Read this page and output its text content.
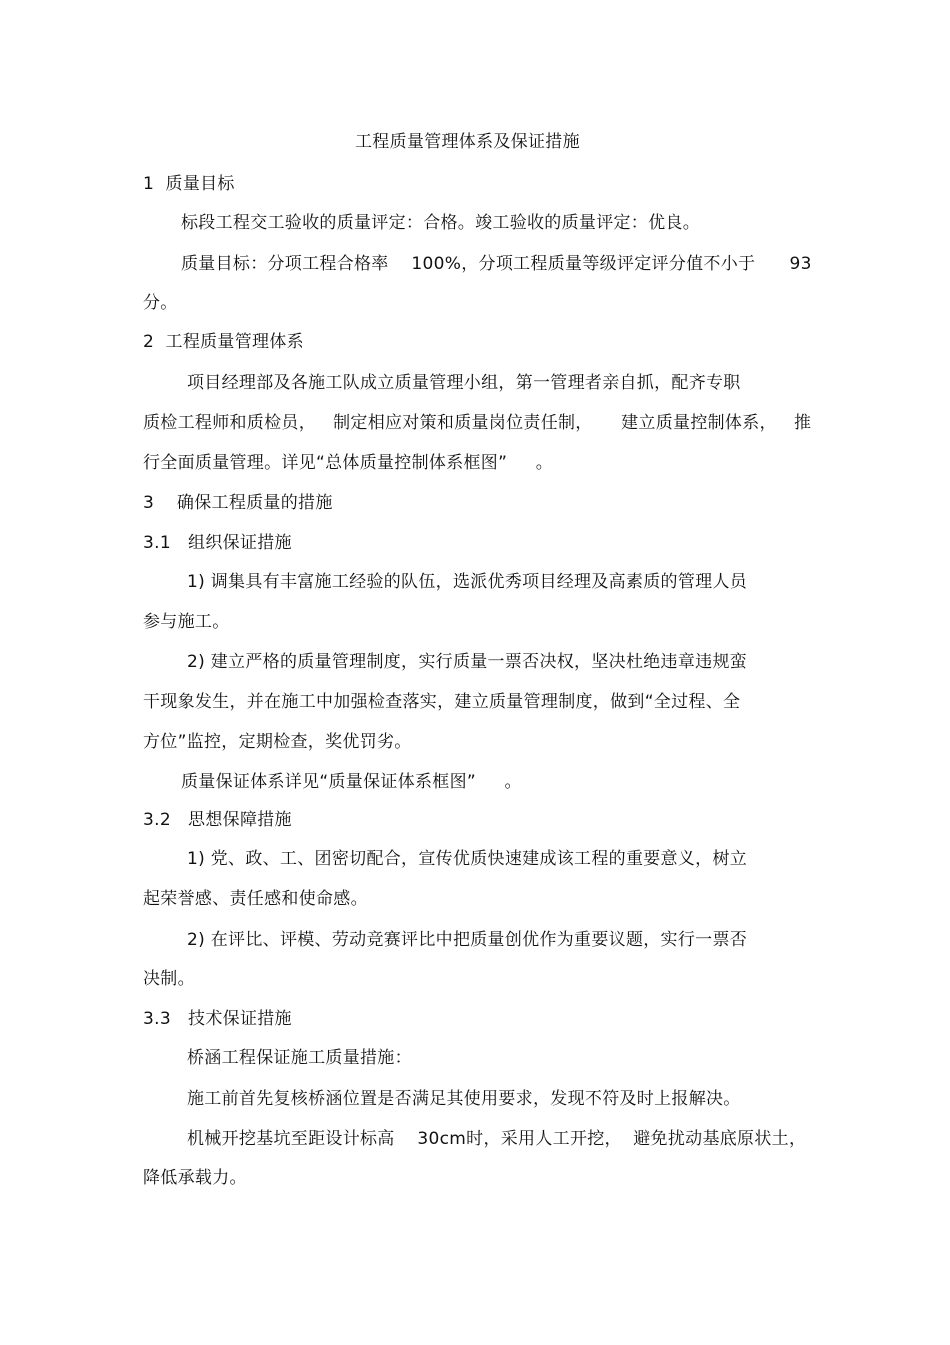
工程质量管理体系及保证措施
1  质量目标
标段工程交工验收的质量评定：合格。竣工验收的质量评定：优良。
质量目标：分项工程合格率    100%，分项工程质量等级评定评分值不小于      93
分。
2  工程质量管理体系
项目经理部及各施工队成立质量管理小组，第一管理者亲自抓，配齐专职
质检工程师和质检员，   制定相应对策和质量岗位责任制，     建立质量控制体系，   推
行全面质量管理。详见“总体质量控制体系框图”     。
3    确保工程质量的措施
3.1   组织保证措施
1) 调集具有丰富施工经验的队伍，选派优秀项目经理及高素质的管理人员
参与施工。
2) 建立严格的质量管理制度，实行质量一票否决权，坚决杜绝违章违规蛮
干现象发生，并在施工中加强检查落实，建立质量管理制度，做到“全过程、全
方位”监控，定期检查，奖优罚劣。
质量保证体系详见“质量保证体系框图”     。
3.2   思想保障措施
1) 党、政、工、团密切配合，宣传优质快速建成该工程的重要意义，树立
起荣誉感、责任感和使命感。
2) 在评比、评模、劳动竞赛评比中把质量创优作为重要议题，实行一票否
决制。
3.3   技术保证措施
桥涵工程保证施工质量措施：
施工前首先复核桥涵位置是否满足其使用要求，发现不符及时上报解决。
机械开挖基坑至距设计标高    30cm时，采用人工开挖，  避免扰动基底原状土，
降低承载力。
